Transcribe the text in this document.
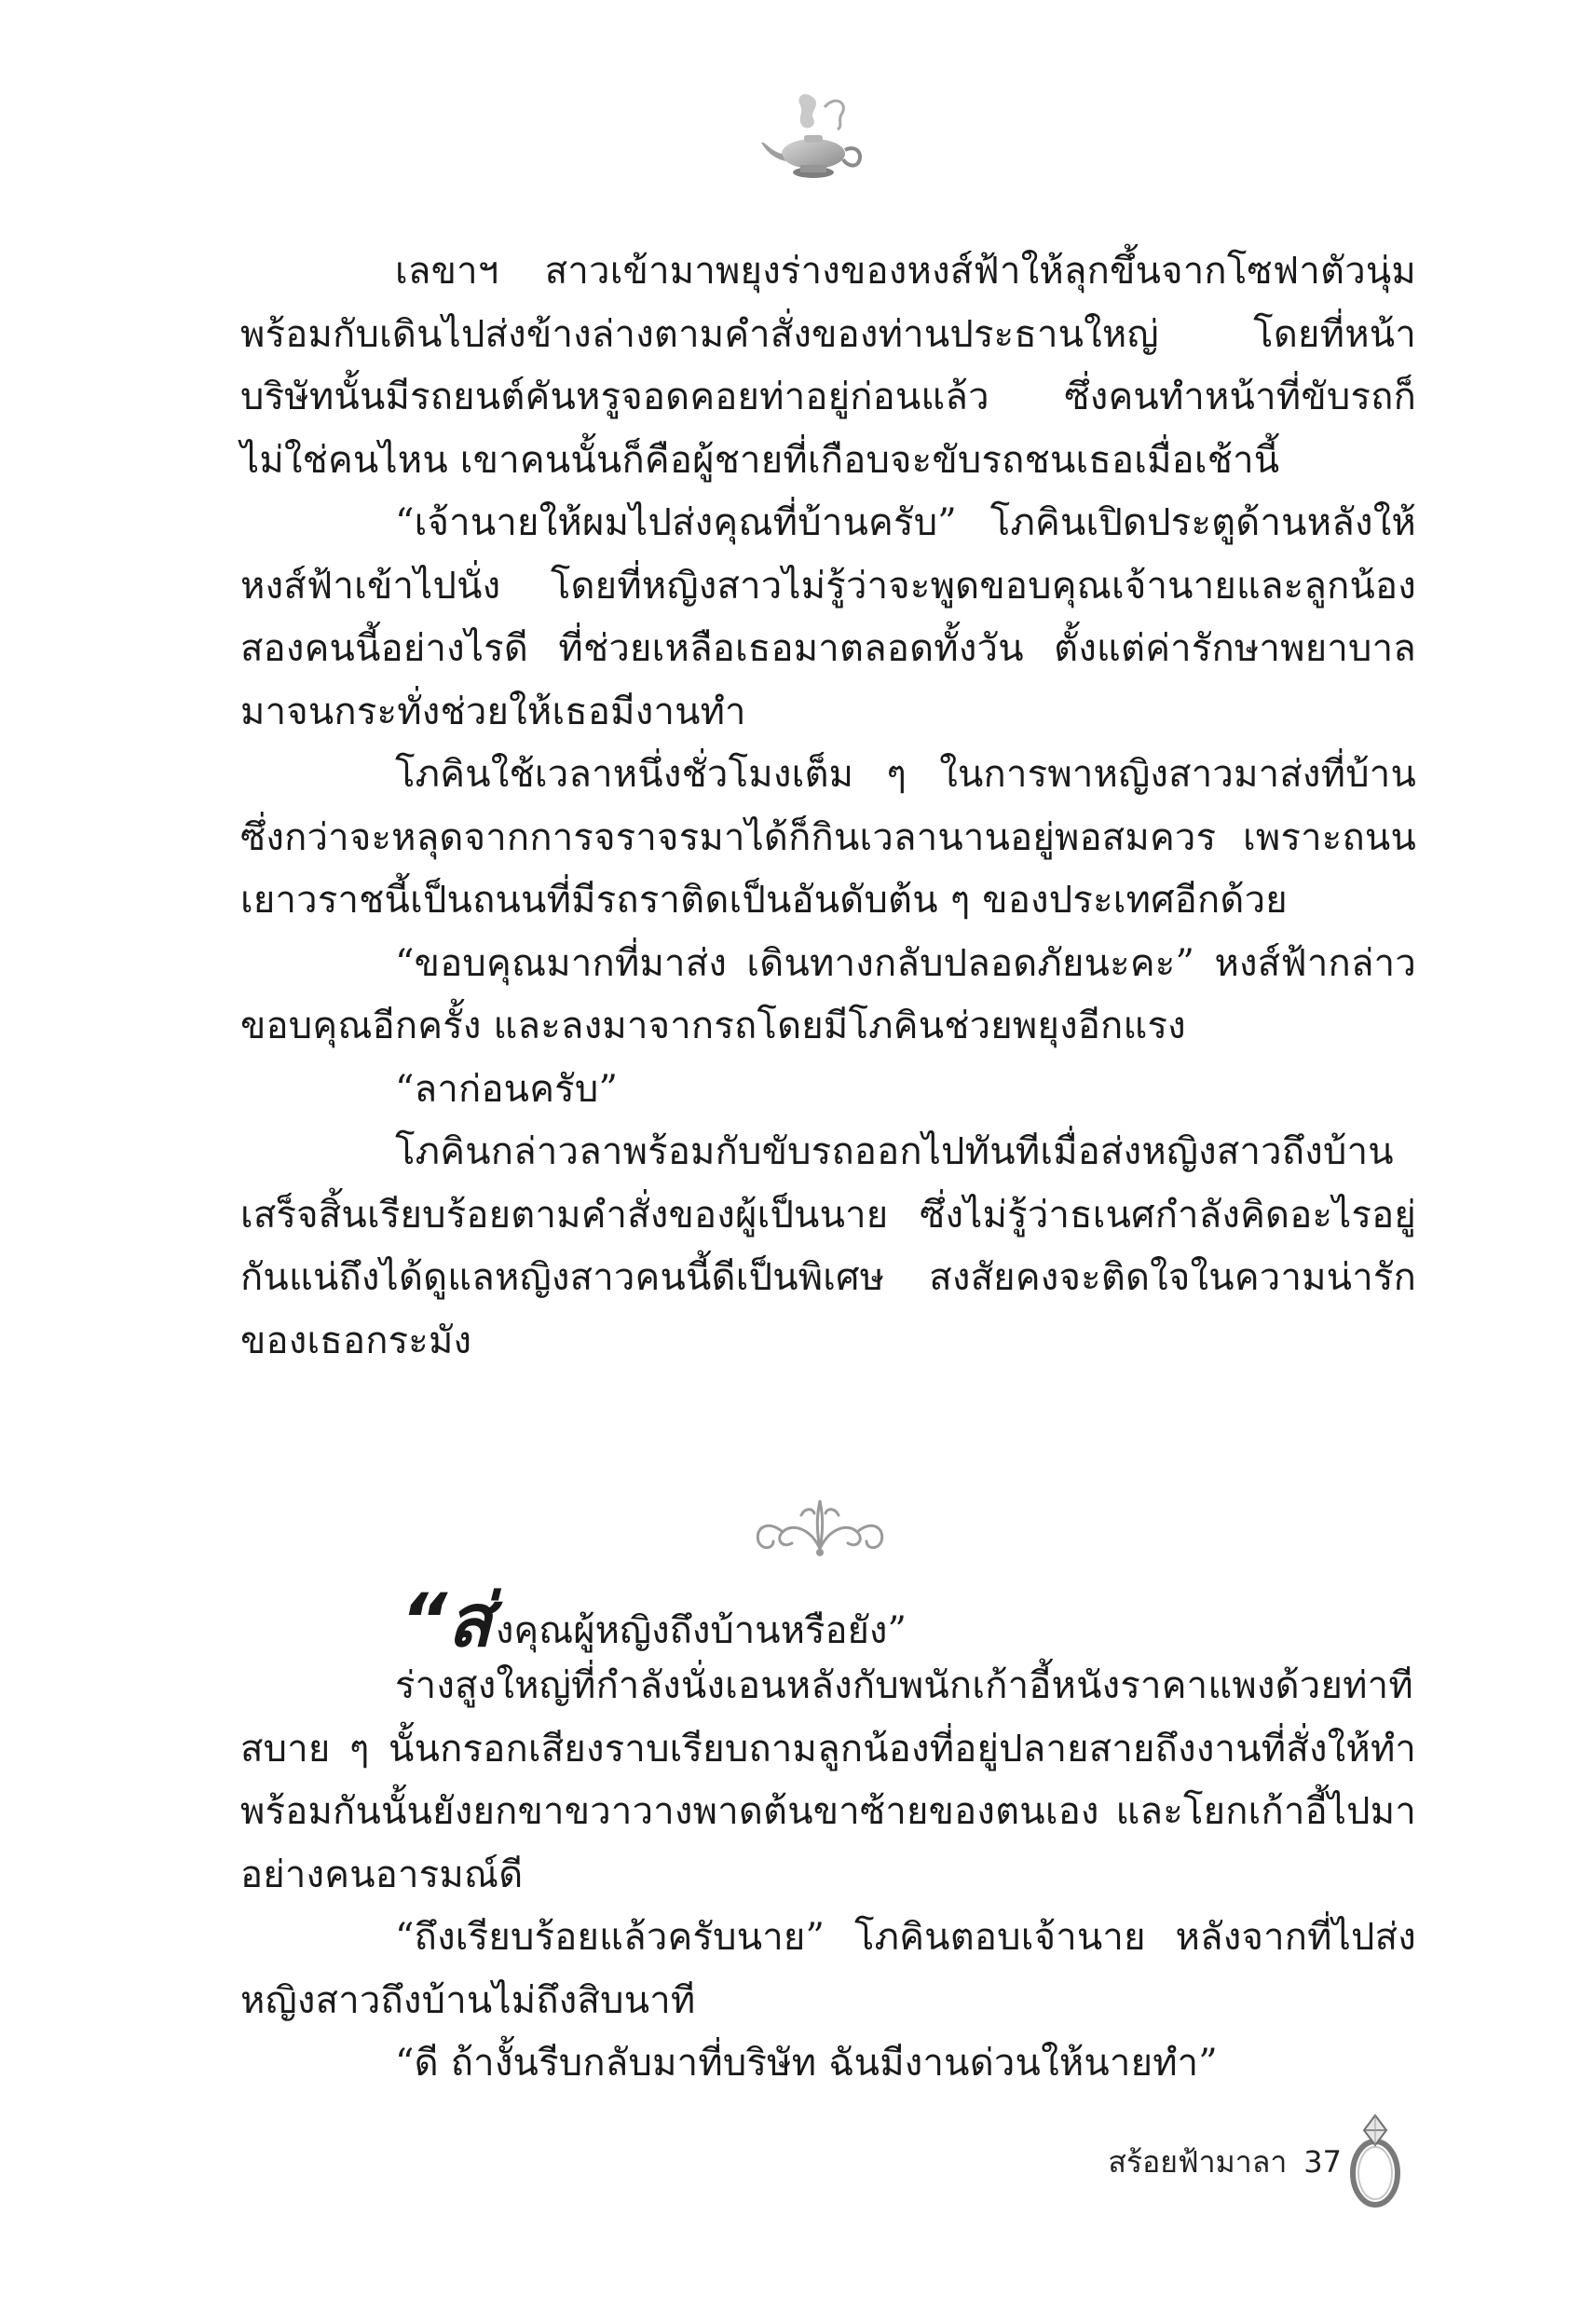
เลขาฯ สาวเข้ามาพยุงร่างของหงส์ฟ้าให้ลุกขึ้นจากโซฟาตัวนุ่มพร้อมกับเดินไปส่งข้างล่างตามคำสั่งของท่านประธานใหญ่ โดยที่หน้าบริษัทนั้นมีรถยนต์คันหรูจอดคอยท่าอยู่ก่อนแล้ว ซึ่งคนทำหน้าที่ขับรถก็ไม่ใช่คนไหน เขาคนนั้นก็คือผู้ชายที่เกือบจะขับรถชนเธอเมื่อเช้านี้

“เจ้านายให้ผมไปส่งคุณที่บ้านครับ” โภคินเปิดประตูด้านหลังให้หงส์ฟ้าเข้าไปนั่ง โดยที่หญิงสาวไม่รู้ว่าจะพูดขอบคุณเจ้านายและลูกน้องสองคนนี้อย่างไรดี ที่ช่วยเหลือเธอมาตลอดทั้งวัน ตั้งแต่ค่ารักษาพยาบาลมาจนกระทั่งช่วยให้เธอมีงานทำ

โภคินใช้เวลาหนึ่งชั่วโมงเต็ม ๆ ในการพาหญิงสาวมาส่งที่บ้านซึ่งกว่าจะหลุดจากการจราจรมาได้ก็กินเวลานานอยู่พอสมควร เพราะถนนเยาวราชนี้เป็นถนนที่มีรถราติดเป็นอันดับต้น ๆ ของประเทศอีกด้วย

“ขอบคุณมากที่มาส่ง เดินทางกลับปลอดภัยนะคะ” หงส์ฟ้ากล่าวขอบคุณอีกครั้ง และลงมาจากรถโดยมีโภคินช่วยพยุงอีกแรง

“ลาก่อนครับ”

โภคินกล่าวลาพร้อมกับขับรถออกไปทันทีเมื่อส่งหญิงสาวถึงบ้านเสร็จสิ้นเรียบร้อยตามคำสั่งของผู้เป็นนาย ซึ่งไม่รู้ว่าธเนศกำลังคิดอะไรอยู่กันแน่ถึงได้ดูแลหญิงสาวคนนี้ดีเป็นพิเศษ สงสัยคงจะติดใจในความน่ารักของเธอกระมัง

“ส่ งคุณผู้หญิงถึงบ้านหรือยัง”

ร่างสูงใหญ่ที่กำลังนั่งเอนหลังกับพนักเก้าอี้หนังราคาแพงด้วยท่าทีสบาย ๆ นั้นกรอกเสียงราบเรียบถามลูกน้องที่อยู่ปลายสายถึงงานที่สั่งให้ทำ พร้อมกันนั้นยังยกขาขวาวางพาดต้นขาซ้ายของตนเอง และโยกเก้าอี้ไปมาอย่างคนอารมณ์ดี

“ถึงเรียบร้อยแล้วครับนาย” โภคินตอบเจ้านาย หลังจากที่ไปส่งหญิงสาวถึงบ้านไม่ถึงสิบนาที

“ดี ถ้างั้นรีบกลับมาที่บริษัท ฉันมีงานด่วนให้นายทำ”

สร้อยฟ้ามาลา 37
